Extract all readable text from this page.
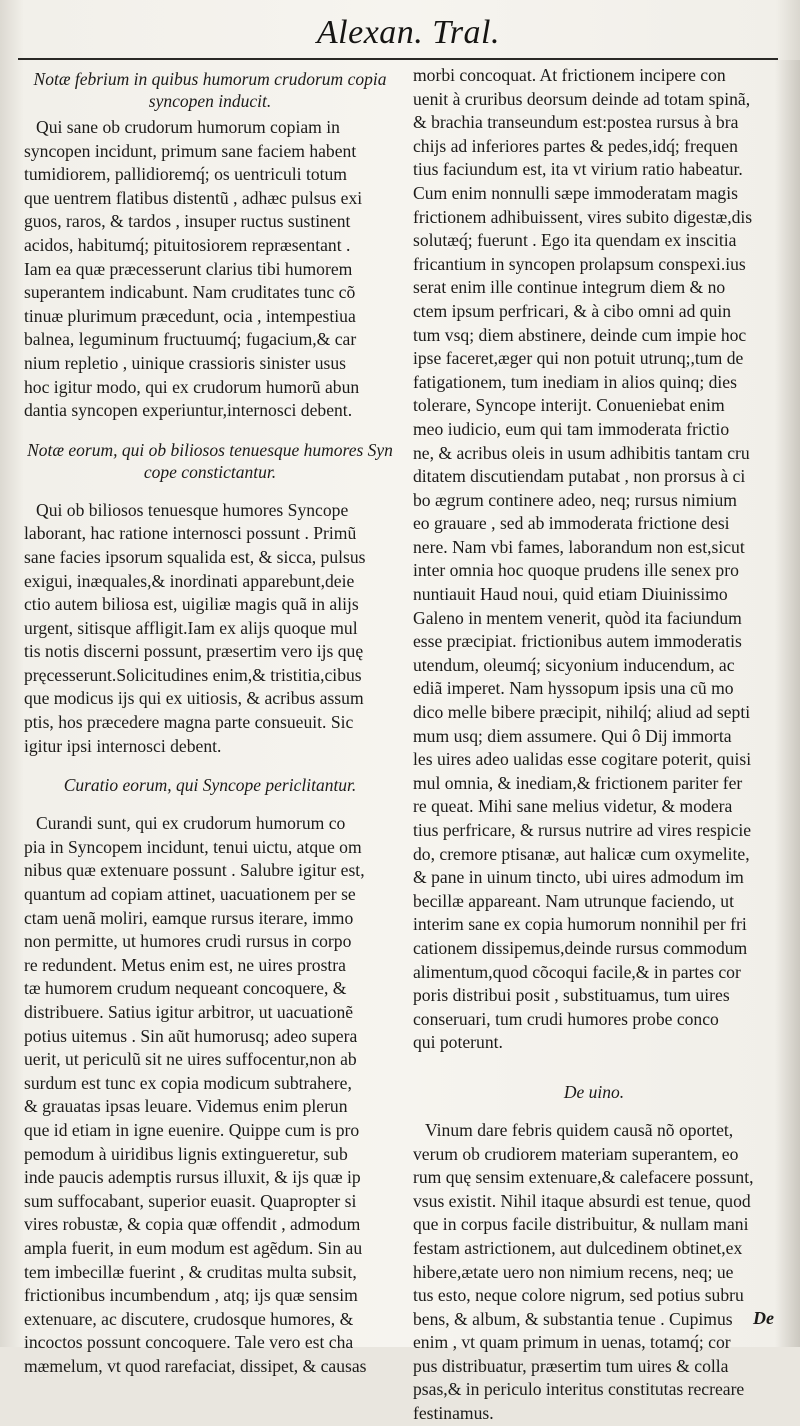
Alexan. Tral.
Notæ febrium in quibus humorum crudorum copia
syncopen inducit.
Qui sane ob crudorum humorum copiam in
syncopen incidunt, primum sane faciem habent
tumidiorem, pallidioremq́; os uentriculi totum
que uentrem flatibus distentũ , adhæc pulsus exi
guos, raros, & tardos , insuper ructus sustinent
acidos, habitumq́; pituitosiorem repræsentant .
Iam ea quæ præcesserunt clarius tibi humorem
superantem indicabunt. Nam cruditates tunc cõ
tinuæ plurimum præcedunt, ocia , intempestiua
balnea, leguminum fructuumq́; fugacium,& car
nium repletio , uinique crassioris sinister usus
hoc igitur modo, qui ex crudorum humorũ abun
dantia syncopen experiuntur,internosci debent.
Notæ eorum, qui ob biliosos tenuesque humores Syn
cope constictantur.
Qui ob biliosos tenuesque humores Syncope
laborant, hac ratione internosci possunt . Primũ
sane facies ipsorum squalida est, & sicca, pulsus
exigui, inæquales,& inordinati apparebunt,deie
ctio autem biliosa est, uigiliæ magis quã in alijs
urgent, sitisque affligit.Iam ex alijs quoque mul
tis notis discerni possunt, præsertim vero ijs quę
pręcesserunt.Solicitudines enim,& tristitia,cibus
que modicus ijs qui ex uitiosis, & acribus assum
ptis, hos præcedere magna parte consueuit. Sic
igitur ipsi internosci debent.
Curatio eorum, qui Syncope periclitantur.
Curandi sunt, qui ex crudorum humorum co
pia in Syncopem incidunt, tenui uictu, atque om
nibus quæ extenuare possunt . Salubre igitur est,
quantum ad copiam attinet, uacuationem per se
ctam uenã moliri, eamque rursus iterare, immo
non permitte, ut humores crudi rursus in corpo
re redundent. Metus enim est, ne uires prostra
tæ humorem crudum nequeant concoquere, &
distribuere. Satius igitur arbitror, ut uacuationẽ
potius uitemus . Sin aũt humorusq; adeo supera
uerit, ut periculũ sit ne uires suffocentur,non ab
surdum est tunc ex copia modicum subtrahere,
& grauatas ipsas leuare. Videmus enim plerun
que id etiam in igne euenire. Quippe cum is pro
pemodum à uiridibus lignis extingueretur, sub
inde paucis ademptis rursus illuxit, & ijs quæ ip
sum suffocabant, superior euasit. Quapropter si
vires robustæ, & copia quæ offendit , admodum
ampla fuerit, in eum modum est agẽdum. Sin au
tem imbecillæ fuerint , & cruditas multa subsit,
frictionibus incumbendum , atq; ijs quæ sensim
extenuare, ac discutere, crudosque humores, &
incoctos possunt concoquere. Tale vero est cha
mæmelum, vt quod rarefaciat, dissipet, & causas
morbi concoquat. At frictionem incipere con
uenit à cruribus deorsum deinde ad totam spinã,
& brachia transeundum est:postea rursus à bra
chijs ad inferiores partes & pedes,idq́; frequen
tius faciundum est, ita vt virium ratio habeatur.
Cum enim nonnulli sæpe immoderatam magis
frictionem adhibuissent, vires subito digestæ,dis
solutæq́; fuerunt . Ego ita quendam ex inscitia
fricantium in syncopen prolapsum conspexi.ius
serat enim ille continue integrum diem & no
ctem ipsum perfricari, & à cibo omni ad quin
tum vsq; diem abstinere, deinde cum impie hoc
ipse faceret,æger qui non potuit utrunq;,tum de
fatigationem, tum inediam in alios quinq; dies
tolerare, Syncope interijt. Conueniebat enim
meo iudicio, eum qui tam immoderata frictio
ne, & acribus oleis in usum adhibitis tantam cru
ditatem discutiendam putabat , non prorsus à ci
bo ægrum continere adeo, neq; rursus nimium
eo grauare , sed ab immoderata frictione desi
nere. Nam vbi fames, laborandum non est,sicut
inter omnia hoc quoque prudens ille senex pro
nuntiauit Haud noui, quid etiam Diuinissimo
Galeno in mentem venerit, quòd ita faciundum
esse præcipiat. frictionibus autem immoderatis
utendum, oleumq́; sicyonium inducendum, ac
ediã imperet. Nam hyssopum ipsis una cũ mo
dico melle bibere præcipit, nihilq́; aliud ad septi
mum usq; diem assumere. Qui ô Dij immorta
les uires adeo ualidas esse cogitare poterit, quisi
mul omnia, & inediam,& frictionem pariter fer
re queat. Mihi sane melius videtur, & modera
tius perfricare, & rursus nutrire ad vires respicie
do, cremore ptisanæ, aut halicæ cum oxymelite,
& pane in uinum tincto, ubi uires admodum im
becillæ appareant. Nam utrunque faciendo, ut
interim sane ex copia humorum nonnihil per fri
cationem dissipemus,deinde rursus commodum
alimentum,quod cõcoqui facile,& in partes cor
poris distribui posit , substituamus, tum uires
conseruari, tum crudi humores probe conco
qui poterunt.
De uino.
Vinum dare febris quidem causã nõ oportet,
verum ob crudiorem materiam superantem, eo
rum quę sensim extenuare,& calefacere possunt,
vsus existit. Nihil itaque absurdi est tenue, quod
que in corpus facile distribuitur, & nullam mani
festam astrictionem, aut dulcedinem obtinet,ex
hibere,ætate uero non nimium recens, neq; ue
tus esto, neque colore nigrum, sed potius subru
bens, & album, & substantia tenue . Cupimus
enim , vt quam primum in uenas, totamq́; cor
pus distribuatur, præsertim tum uires & colla
psas,& in periculo interitus constitutas recreare
festinamus.
De
